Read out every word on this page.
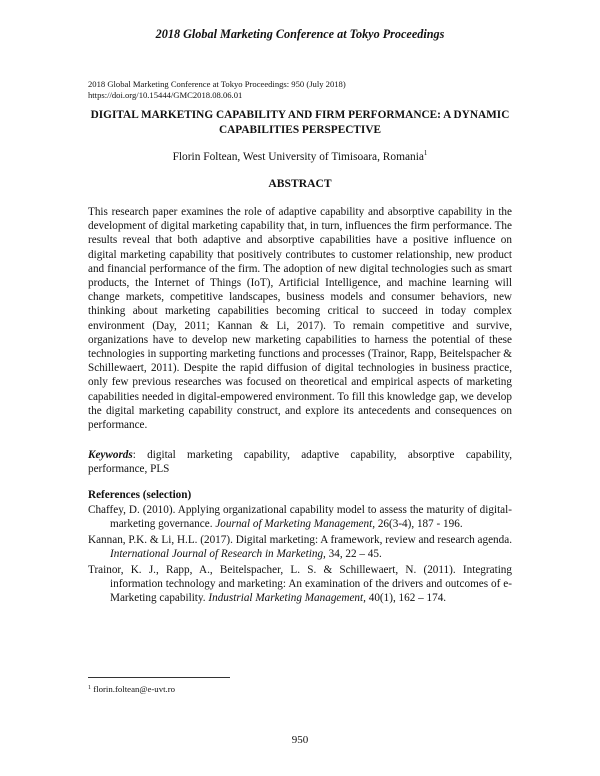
2018 Global Marketing Conference at Tokyo Proceedings
2018 Global Marketing Conference at Tokyo Proceedings: 950 (July 2018)
https://doi.org/10.15444/GMC2018.08.06.01
DIGITAL MARKETING CAPABILITY AND FIRM PERFORMANCE: A DYNAMIC CAPABILITIES PERSPECTIVE
Florin Foltean, West University of Timisoara, Romania$^1$
ABSTRACT

This research paper examines the role of adaptive capability and absorptive capability in the development of digital marketing capability that, in turn, influences the firm performance. The results reveal that both adaptive and absorptive capabilities have a positive influence on digital marketing capability that positively contributes to customer relationship, new product and financial performance of the firm. The adoption of new digital technologies such as smart products, the Internet of Things (IoT), Artificial Intelligence, and machine learning will change markets, competitive landscapes, business models and consumer behaviors, new thinking about marketing capabilities becoming critical to succeed in today complex environment (Day, 2011; Kannan & Li, 2017). To remain competitive and survive, organizations have to develop new marketing capabilities to harness the potential of these technologies in supporting marketing functions and processes (Trainor, Rapp, Beitelspacher & Schillewaert, 2011). Despite the rapid diffusion of digital technologies in business practice, only few previous researches was focused on theoretical and empirical aspects of marketing capabilities needed in digital-empowered environment. To fill this knowledge gap, we develop the digital marketing capability construct, and explore its antecedents and consequences on performance.

Keywords: digital marketing capability, adaptive capability, absorptive capability, performance, PLS

References (selection)
Chaffey, D. (2010). Applying organizational capability model to assess the maturity of digital-marketing governance. Journal of Marketing Management, 26(3-4), 187 - 196.
Kannan, P.K. & Li, H.L. (2017). Digital marketing: A framework, review and research agenda. International Journal of Research in Marketing, 34, 22 – 45.
Trainor, K. J., Rapp, A., Beitelspacher, L. S. & Schillewaert, N. (2011). Integrating information technology and marketing: An examination of the drivers and outcomes of e-Marketing capability. Industrial Marketing Management, 40(1), 162 – 174.
$^1$ florin.foltean@e-uvt.ro
950
